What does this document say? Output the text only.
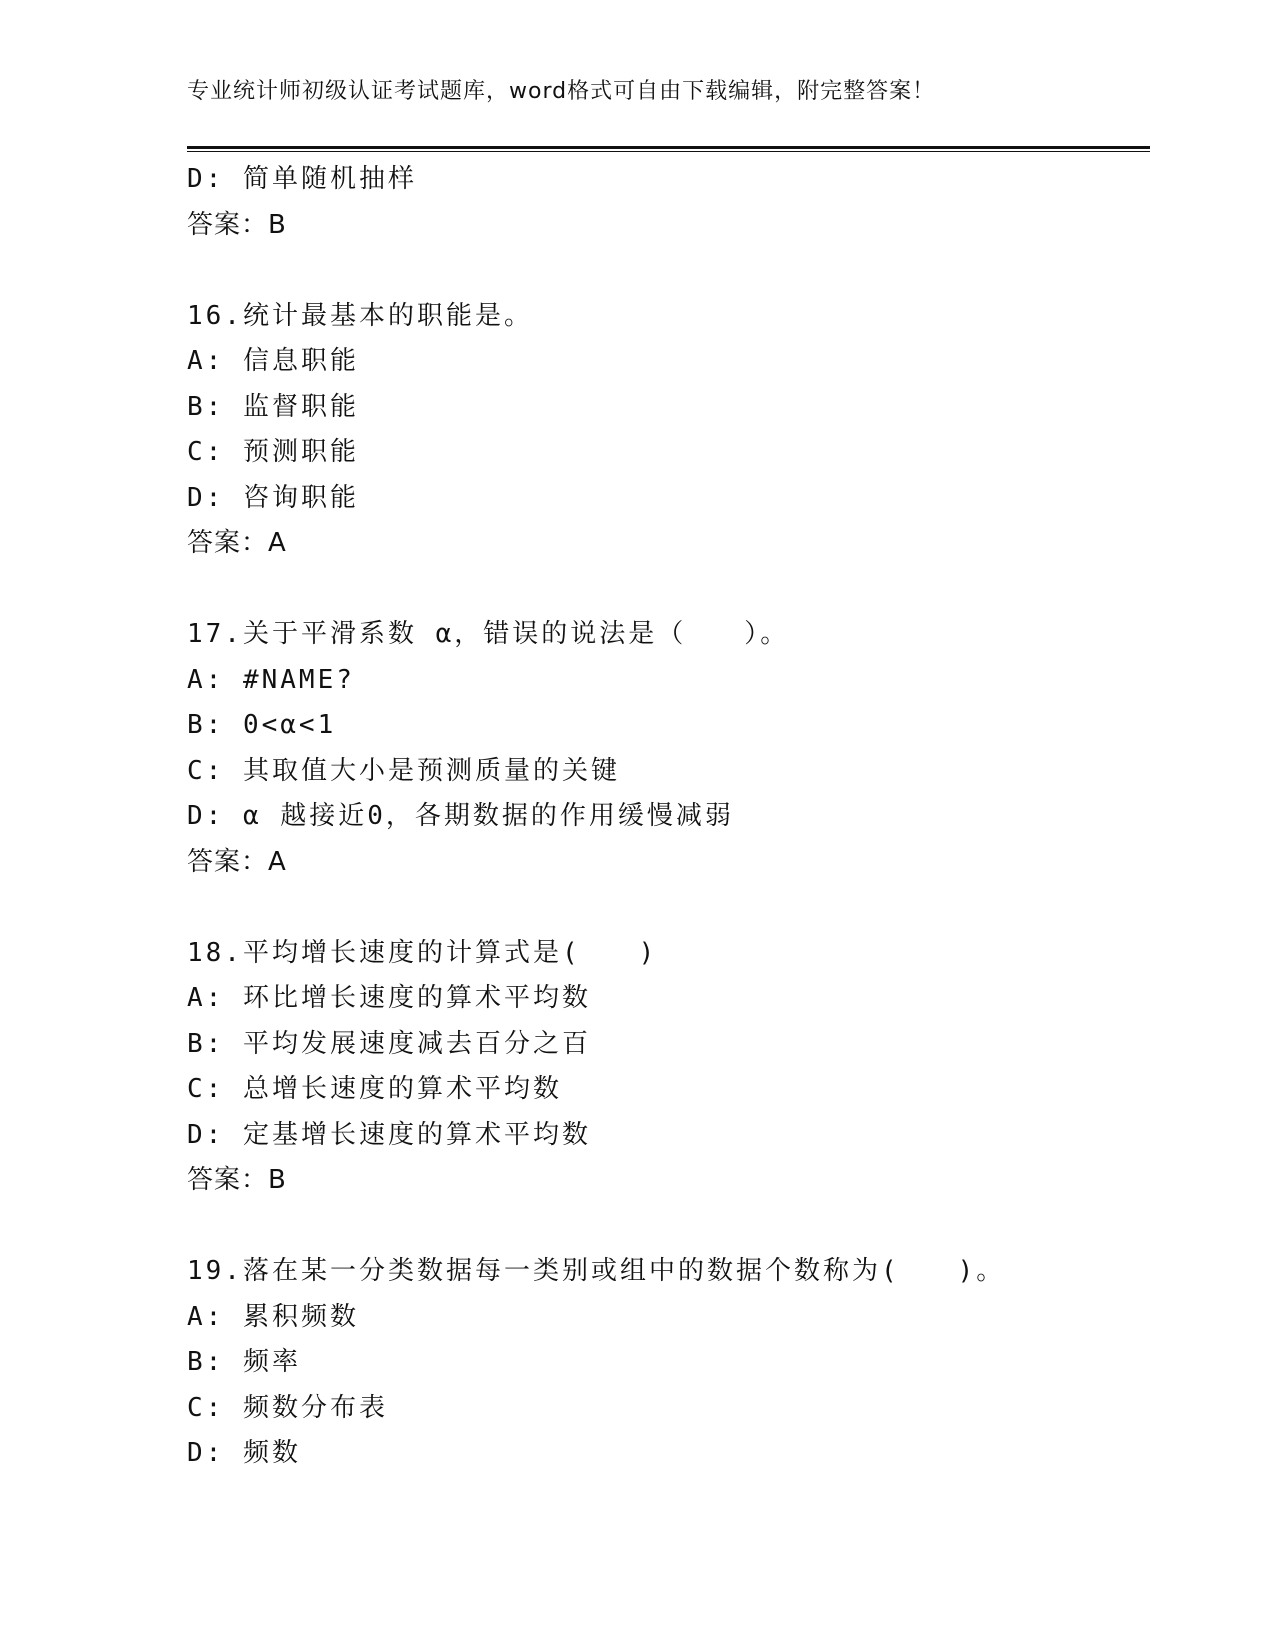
专业统计师初级认证考试题库，word格式可自由下载编辑，附完整答案！
D: 简单随机抽样
答案：B
16.统计最基本的职能是。
A: 信息职能
B: 监督职能
C: 预测职能
D: 咨询职能
答案：A
17.关于平滑系数 α，错误的说法是（　　）。
A: #NAME?
B: 0<α<1
C: 其取值大小是预测质量的关键
D: α 越接近0，各期数据的作用缓慢减弱
答案：A
18.平均增长速度的计算式是(　　)
A: 环比增长速度的算术平均数
B: 平均发展速度减去百分之百
C: 总增长速度的算术平均数
D: 定基增长速度的算术平均数
答案：B
19.落在某一分类数据每一类别或组中的数据个数称为(　　)。
A: 累积频数
B: 频率
C: 频数分布表
D: 频数
